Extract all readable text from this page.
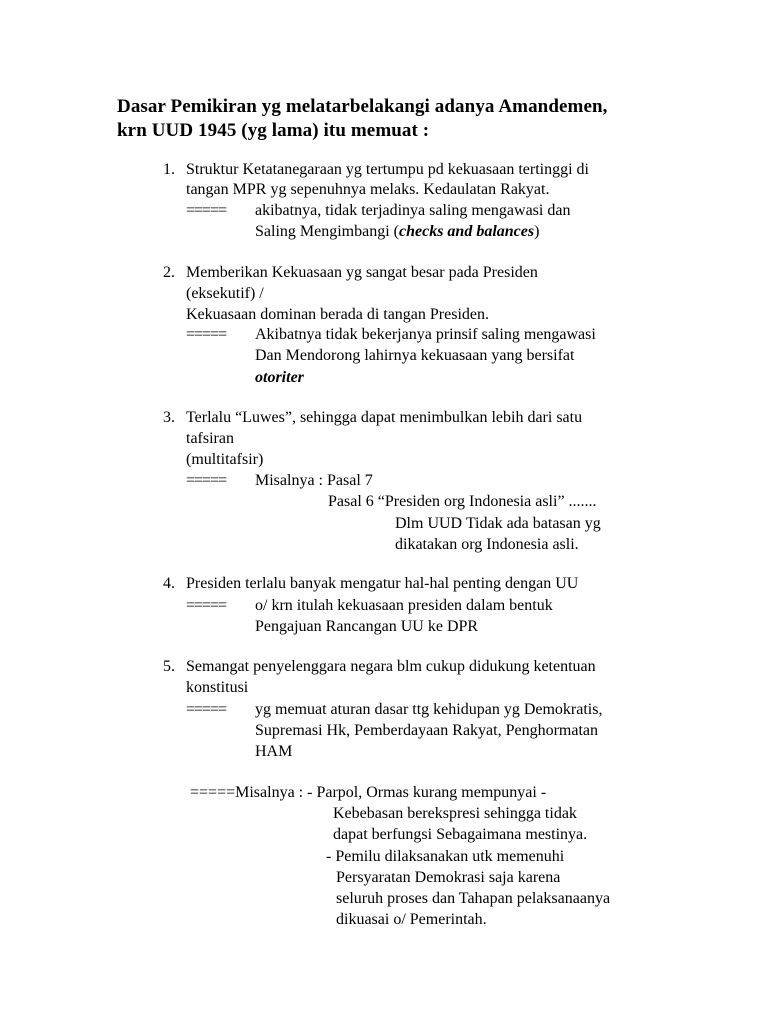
Dasar Pemikiran yg melatarbelakangi adanya Amandemen,
krn UUD 1945 (yg lama) itu memuat :
1. Struktur Ketatanegaraan yg tertumpu pd kekuasaan tertinggi di
tangan MPR yg sepenuhnya melaks. Kedaulatan Rakyat.
===== akibatnya, tidak terjadinya saling mengawasi dan
Saling Mengimbangi (checks and balances)
2. Memberikan Kekuasaan yg sangat besar pada Presiden
(eksekutif) /
Kekuasaan dominan berada di tangan Presiden.
===== Akibatnya tidak bekerjanya prinsif saling mengawasi
Dan Mendorong lahirnya kekuasaan yang bersifat
otoriter
3. Terlalu “Luwes”, sehingga dapat menimbulkan lebih dari satu
tafsiran
(multitafsir)
===== Misalnya : Pasal 7
Pasal 6 “Presiden org Indonesia asli” .......
Dlm UUD Tidak ada batasan yg
dikatakan org Indonesia asli.
4. Presiden terlalu banyak mengatur hal-hal penting dengan UU
===== o/ krn itulah kekuasaan presiden dalam bentuk
Pengajuan Rancangan UU ke DPR
5. Semangat penyelenggara negara blm cukup didukung ketentuan
konstitusi
===== yg memuat aturan dasar ttg kehidupan yg Demokratis,
Supremasi Hk, Pemberdayaan Rakyat, Penghormatan
HAM
=====Misalnya : - Parpol, Ormas kurang mempunyai -
Kebebasan berekspresi sehingga tidak
dapat berfungsi Sebagaimana mestinya.
- Pemilu dilaksanakan utk memenuhi
Persyaratan Demokrasi saja karena
seluruh proses dan Tahapan pelaksanaanya
dikuasai o/ Pemerintah.
